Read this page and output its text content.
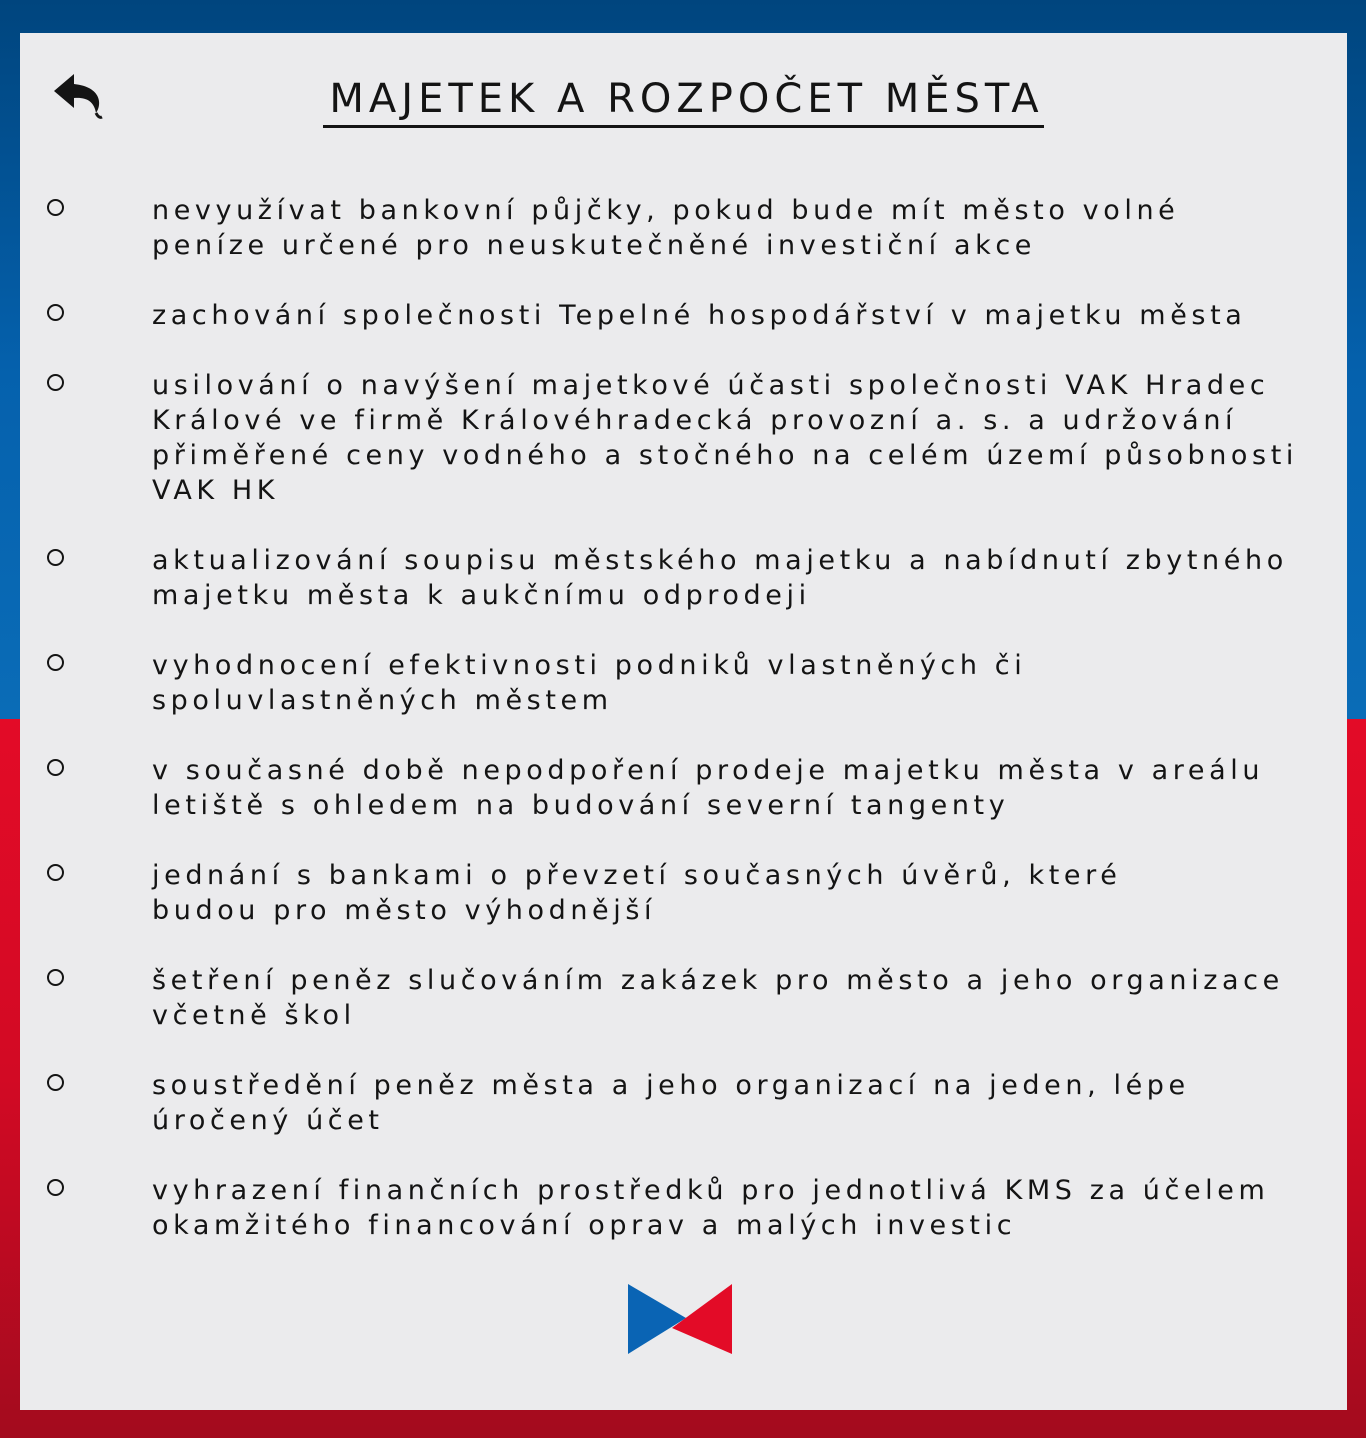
MAJETEK A ROZPOČET MĚSTA
nevyužívat bankovní půjčky, pokud bude mít město volné
peníze určené pro neuskutečněné investiční akce
zachování společnosti Tepelné hospodářství v majetku města
usilování o navýšení majetkové účasti společnosti VAK Hradec
Králové ve firmě Královéhradecká provozní a. s. a udržování
přiměřené ceny vodného a stočného na celém území působnosti
VAK HK
aktualizování soupisu městského majetku a nabídnutí zbytného
majetku města k aukčnímu odprodeji
vyhodnocení efektivnosti podniků vlastněných či
spoluvlastněných městem
v současné době nepodpoření prodeje majetku města v areálu
letiště s ohledem na budování severní tangenty
jednání s bankami o převzetí současných úvěrů, které
budou pro město výhodnější
šetření peněz slučováním zakázek pro město a jeho organizace
včetně škol
soustředění peněz města a jeho organizací na jeden, lépe
úročený účet
vyhrazení finančních prostředků pro jednotlivá KMS za účelem
okamžitého financování oprav a malých investic
